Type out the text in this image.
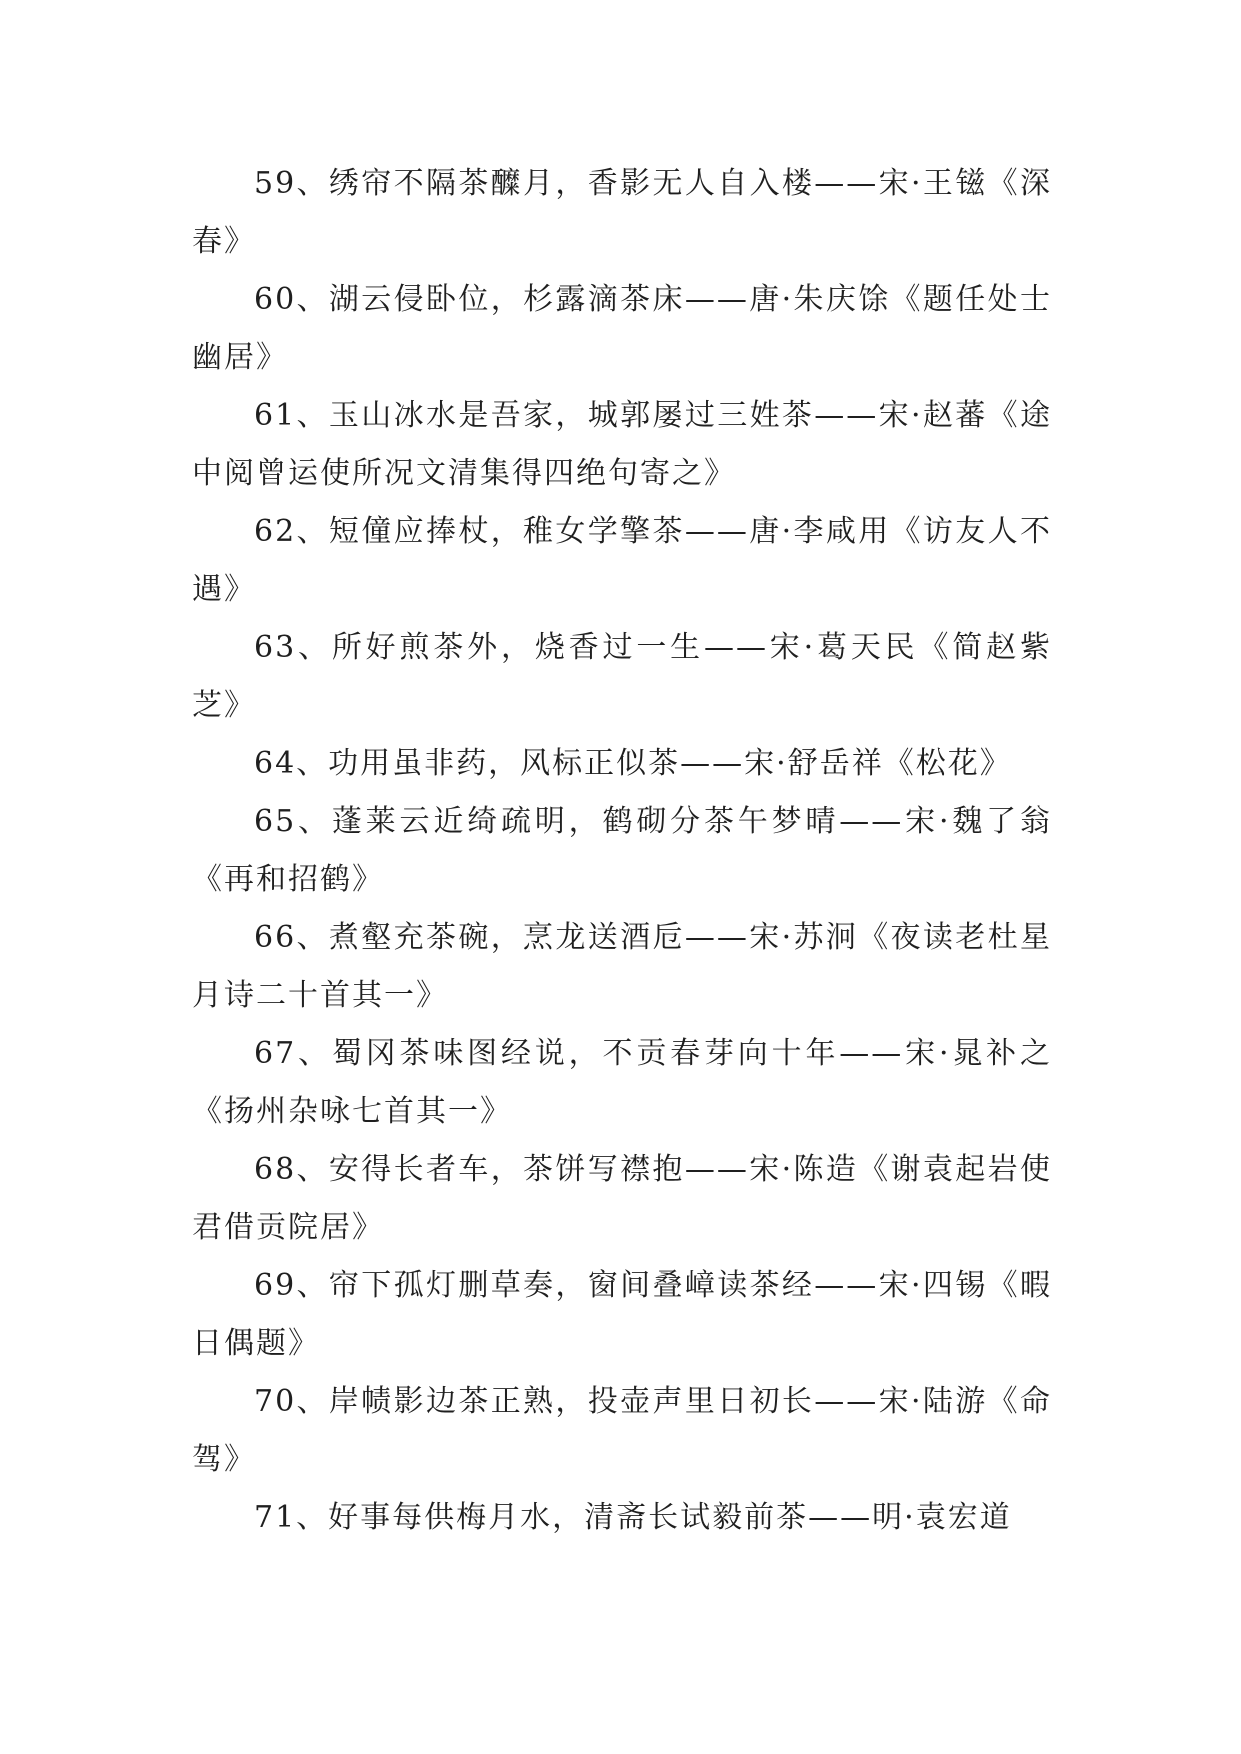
59、绣帘不隔茶醾月，香影无人自入楼——宋·王镃《深春》

60、湖云侵卧位，杉露滴茶床——唐·朱庆馀《题任处士幽居》

61、玉山冰水是吾家，城郭屡过三姓茶——宋·赵蕃《途中阅曾运使所况文清集得四绝句寄之》

62、短僮应捧杖，稚女学擎茶——唐·李咸用《访友人不遇》

63、所好煎茶外，烧香过一生——宋·葛天民《简赵紫芝》

64、功用虽非药，风标正似茶——宋·舒岳祥《松花》

65、蓬莱云近绮疏明，鹤砌分茶午梦晴——宋·魏了翁《再和招鹤》

66、煮壑充茶碗，烹龙送酒卮——宋·苏泂《夜读老杜星月诗二十首其一》

67、蜀冈茶味图经说，不贡春芽向十年——宋·晁补之《扬州杂咏七首其一》

68、安得长者车，茶饼写襟抱——宋·陈造《谢袁起岩使君借贡院居》

69、帘下孤灯删草奏，窗间叠嶂读茶经——宋·四锡《暇日偶题》

70、岸帻影边茶正熟，投壶声里日初长——宋·陆游《命驾》

71、好事每供梅月水，清斋长试毅前茶——明·袁宏道
